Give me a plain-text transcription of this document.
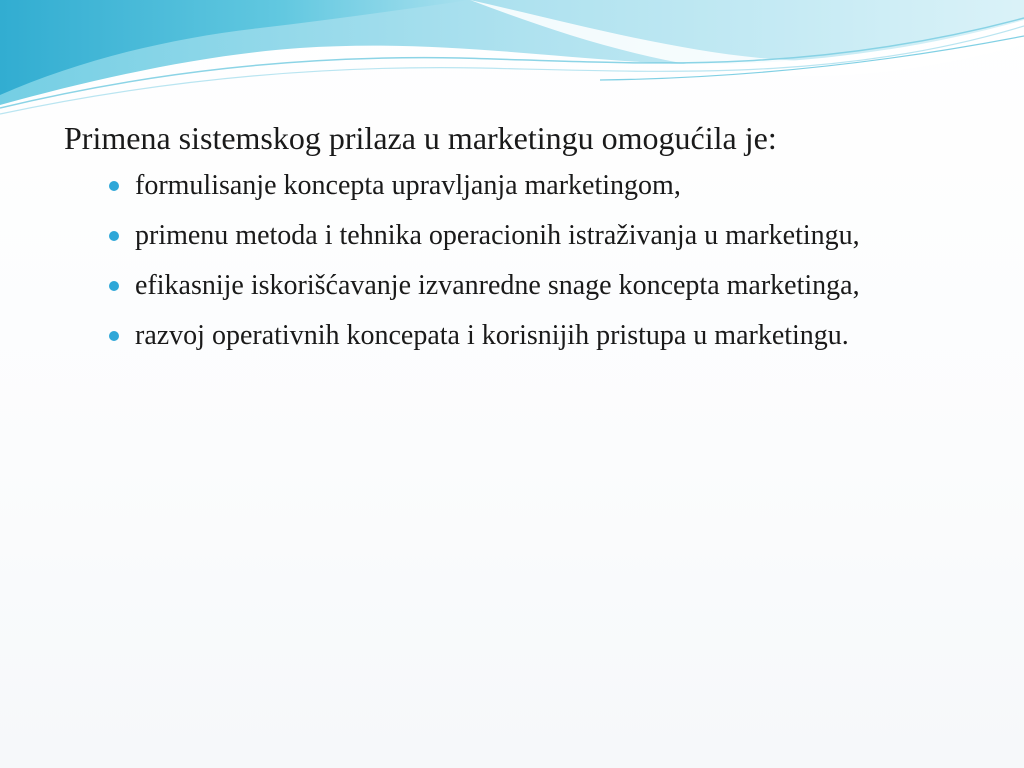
Primena sistemskog prilaza u marketingu omogućila je:

formulisanje koncepta upravljanja marketingom,
primenu metoda i tehnika operacionih istraživanja u marketingu,
efikasnije iskorišćavanje izvanredne snage koncepta marketinga,
razvoj operativnih koncepata i korisnijih pristupa u marketingu.
